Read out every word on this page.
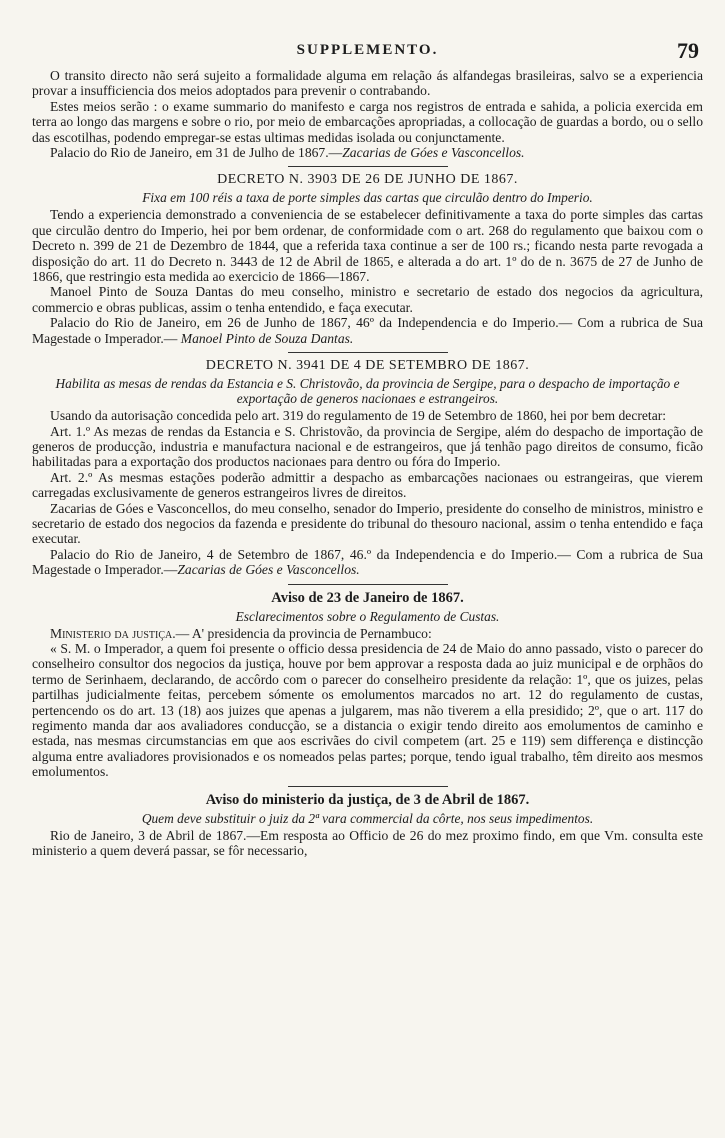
SUPPLEMENTO.	79

O transito directo não será sujeito a formalidade alguma em relação ás alfandegas brasileiras, salvo se a experiencia provar a insufficiencia dos meios adoptados para prevenir o contrabando.

Estes meios serão : o exame summario do manifesto e carga nos registros de entrada e sahida, a policia exercida em terra ao longo das margens e sobre o rio, por meio de embarcações apropriadas, a collocação de guardas a bordo, ou o sello das escotilhas, podendo empregar-se estas ultimas medidas isolada ou conjunctamente.

Palacio do Rio de Janeiro, em 31 de Julho de 1867.—Zacarias de Góes e Vasconcellos.

DECRETO N. 3903 DE 26 DE JUNHO DE 1867.
Fixa em 100 réis a taxa de porte simples das cartas que circulão dentro do Imperio.

Tendo a experiencia demonstrado a conveniencia de se estabelecer definitivamente a taxa do porte simples das cartas que circulão dentro do Imperio, hei por bem ordenar, de conformidade com o art. 268 do regulamento que baixou com o Decreto n. 399 de 21 de Dezembro de 1844, que a referida taxa continue a ser de 100 rs.; ficando nesta parte revogada a disposição do art. 11 do Decreto n. 3443 de 12 de Abril de 1865, e alterada a do art. 1º do de n. 3675 de 27 de Junho de 1866, que restringio esta medida ao exercicio de 1866—1867.

Manoel Pinto de Souza Dantas do meu conselho, ministro e secretario de estado dos negocios da agricultura, commercio e obras publicas, assim o tenha entendido, e faça executar.

Palacio do Rio de Janeiro, em 26 de Junho de 1867, 46º da Independencia e do Imperio.— Com a rubrica de Sua Magestade o Imperador.— Manoel Pinto de Souza Dantas.

DECRETO N. 3941 DE 4 DE SETEMBRO DE 1867.
Habilita as mesas de rendas da Estancia e S. Christovão, da provincia de Sergipe, para o despacho de importação e exportação de generos nacionaes e estrangeiros.

Usando da autorisação concedida pelo art. 319 do regulamento de 19 de Setembro de 1860, hei por bem decretar:

Art. 1.º As mezas de rendas da Estancia e S. Christovão, da provincia de Sergipe, além do despacho de importação de generos de producção, industria e manufactura nacional e de estrangeiros, que já tenhão pago direitos de consumo, ficão habilitadas para a exportação dos productos nacionaes para dentro ou fóra do Imperio.

Art. 2.º As mesmas estações poderão admittir a despacho as embarcações nacionaes ou estrangeiras, que vierem carregadas exclusivamente de generos estrangeiros livres de direitos.

Zacarias de Góes e Vasconcellos, do meu conselho, senador do Imperio, presidente do conselho de ministros, ministro e secretario de estado dos negocios da fazenda e presidente do tribunal do thesouro nacional, assim o tenha entendido e faça executar.

Palacio do Rio de Janeiro, 4 de Setembro de 1867, 46.º da Independencia e do Imperio.— Com a rubrica de Sua Magestade o Imperador.—Zacarias de Góes e Vasconcellos.

Aviso de 23 de Janeiro de 1867.
Esclarecimentos sobre o Regulamento de Custas.

Ministerio da justiça.— A' presidencia da provincia de Pernambuco:

« S. M. o Imperador, a quem foi presente o officio dessa presidencia de 24 de Maio do anno passado, visto o parecer do conselheiro consultor dos negocios da justiça, houve por bem approvar a resposta dada ao juiz municipal e de orphãos do termo de Serinhaem, declarando, de accôrdo com o parecer do conselheiro presidente da relação: 1º, que os juizes, pelas partilhas judicialmente feitas, percebem sómente os emolumentos marcados no art. 12 do regulamento de custas, pertencendo os do art. 13 (18) aos juizes que apenas a julgarem, mas não tiverem a ella presidido; 2º, que o art. 117 do regimento manda dar aos avaliadores conducção, se a distancia o exigir tendo direito aos emolumentos de caminho e estada, nas mesmas circumstancias em que aos escrivães do civil competem (art. 25 e 119) sem differença e distincção alguma entre avaliadores provisionados e os nomeados pelas partes; porque, tendo igual trabalho, têm direito aos mesmos emolumentos.

Aviso do ministerio da justiça, de 3 de Abril de 1867.
Quem deve substituir o juiz da 2ª vara commercial da côrte, nos seus impedimentos.

Rio de Janeiro, 3 de Abril de 1867.—Em resposta ao Officio de 26 do mez proximo findo, em que Vm. consulta este ministerio a quem deverá passar, se fôr necessario,
